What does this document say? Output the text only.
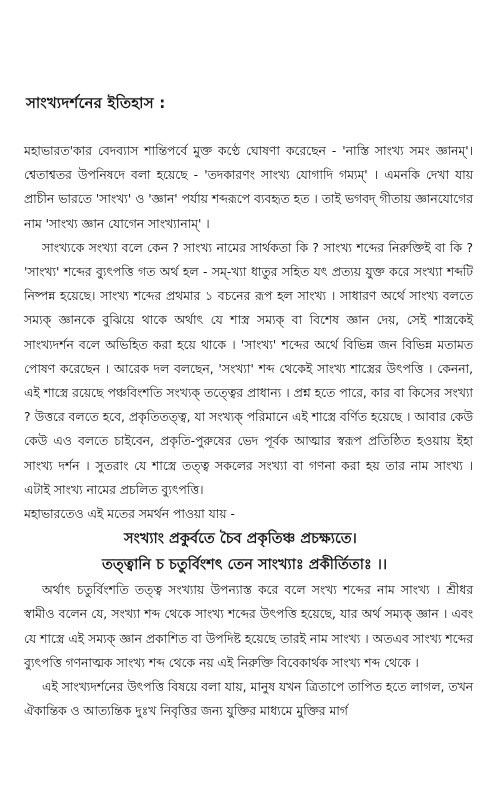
সাংখ্যদর্শনের ইতিহাস :

মহাভারত'কার বেদব্যাস শান্তিপর্বে মুক্ত কণ্ঠে ঘোষণা করেছেন - 'নাস্তি সাংখ্য সমং জ্ঞানম্'। শ্বেতাশ্বতর উপনিষদে বলা হয়েছে - 'তদকারণং সাংখ্য যোগাদি গম্যম্' । এমনকি দেখা যায় প্রাচীন ভারতে 'সাংখ্য' ও 'জ্ঞান' পর্যায় শব্দরূপে ব্যবহৃত হত । তাই ভগবদ্ গীতায় জ্ঞানযোগের নাম 'সাংখ্য জ্ঞান যোগেন সাংখ্যানাম্' ।

সাংখ্যকে সংখ্যা বলে কেন ? সাংখ্য নামের সার্থকতা কি ? সাংখ্য শব্দের নিরুক্তিই বা কি ? 'সাংখ্য' শব্দের ব্যুৎপত্তি গত অর্থ হল - সম্-খ্যা ধাতুর সহিত যৎ প্রত্যয় যুক্ত করে সংখ্যা শব্দটি নিষ্পন্ন হয়েছে। সাংখ্য শব্দের প্রথমার ১ বচনের রূপ হল সাংখ্য । সাধারণ অর্থে সাংখ্য বলতে সম্যক্ জ্ঞানকে বুঝিয়ে থাকে অর্থাৎ যে শাস্ত্র সম্যক্ বা বিশেষ জ্ঞান দেয়, সেই শাস্ত্রকেই সাংখ্যদর্শন বলে অভিহিত করা হয়ে থাকে । 'সাংখ্য' শব্দের অর্থে বিভিন্ন জন বিভিন্ন মতামত পোষণ করেছেন । আরেক দল বলছেন, 'সংখ্যা' শব্দ থেকেই সাংখ্য শাস্ত্রের উৎপত্তি । কেননা, এই শাস্ত্রে রয়েছে পঞ্চবিংশতি সংখ্যক্ তত্ত্বের প্রাধান্য । প্রশ্ন হতে পারে, কার বা কিসের সংখ্যা ? উত্তরে বলতে হবে, প্রকৃতিতত্ত্ব, যা সংখ্যক্ পরিমানে এই শাস্ত্রে বর্ণিত হয়েছে । আবার কেউ কেউ এও বলতে চাইবেন, প্রকৃতি-পুরুষের ভেদ পূর্বক আত্মার স্বরূপ প্রতিষ্ঠিত হওয়ায় ইহা সাংখ্য দর্শন । সুতরাং যে শাস্ত্রে তত্ত্ব সকলের সংখ্যা বা গণনা করা হয় তার নাম সাংখ্য । এটাই সাংখ্য নামের প্রচলিত ব্যুৎপত্তি।

মহাভারতেও এই মতের সমর্থন পাওয়া যায় -

সংখ্যাং প্রকুর্বতে চৈব প্রকৃতিঞ্চ প্রচক্ষ্যতে।

তত্ত্বানি চ চতুর্বিংশৎ তেন সাংখ্যাঃ প্রকীর্তিতাঃ ।।

অর্থাৎ চতুর্বিংশতি তত্ত্ব সংখ্যায় উপন্যাস্ত করে বলে সংখ্য শব্দের নাম সাংখ্য । শ্রীধর স্বামীও বলেন যে, সংখ্যা শব্দ থেকে সাংখ্য শব্দের উৎপত্তি হয়েছে, যার অর্থ সম্যক্ জ্ঞান । এবং যে শাস্ত্রে এই সম্যক্ জ্ঞান প্রকাশিত বা উপদিষ্ট হয়েছে তারই নাম সাংখ্য । অতএব সাংখ্য শব্দের ব্যুৎপত্তি গণনাত্মক সাংখ্য শব্দ থেকে নয় এই নিরুক্তি বিবেকার্থক সাংখ্য শব্দ থেকে ।

এই সাংখ্যদর্শনের উৎপত্তি বিষয়ে বলা যায়, মানুষ যখন ত্রিতাপে তাপিত হতে লাগল, তখন ঐকান্তিক ও আত্যন্তিক দুঃখ নিবৃত্তির জন্য যুক্তির মাধ্যমে মুক্তির মার্গ
